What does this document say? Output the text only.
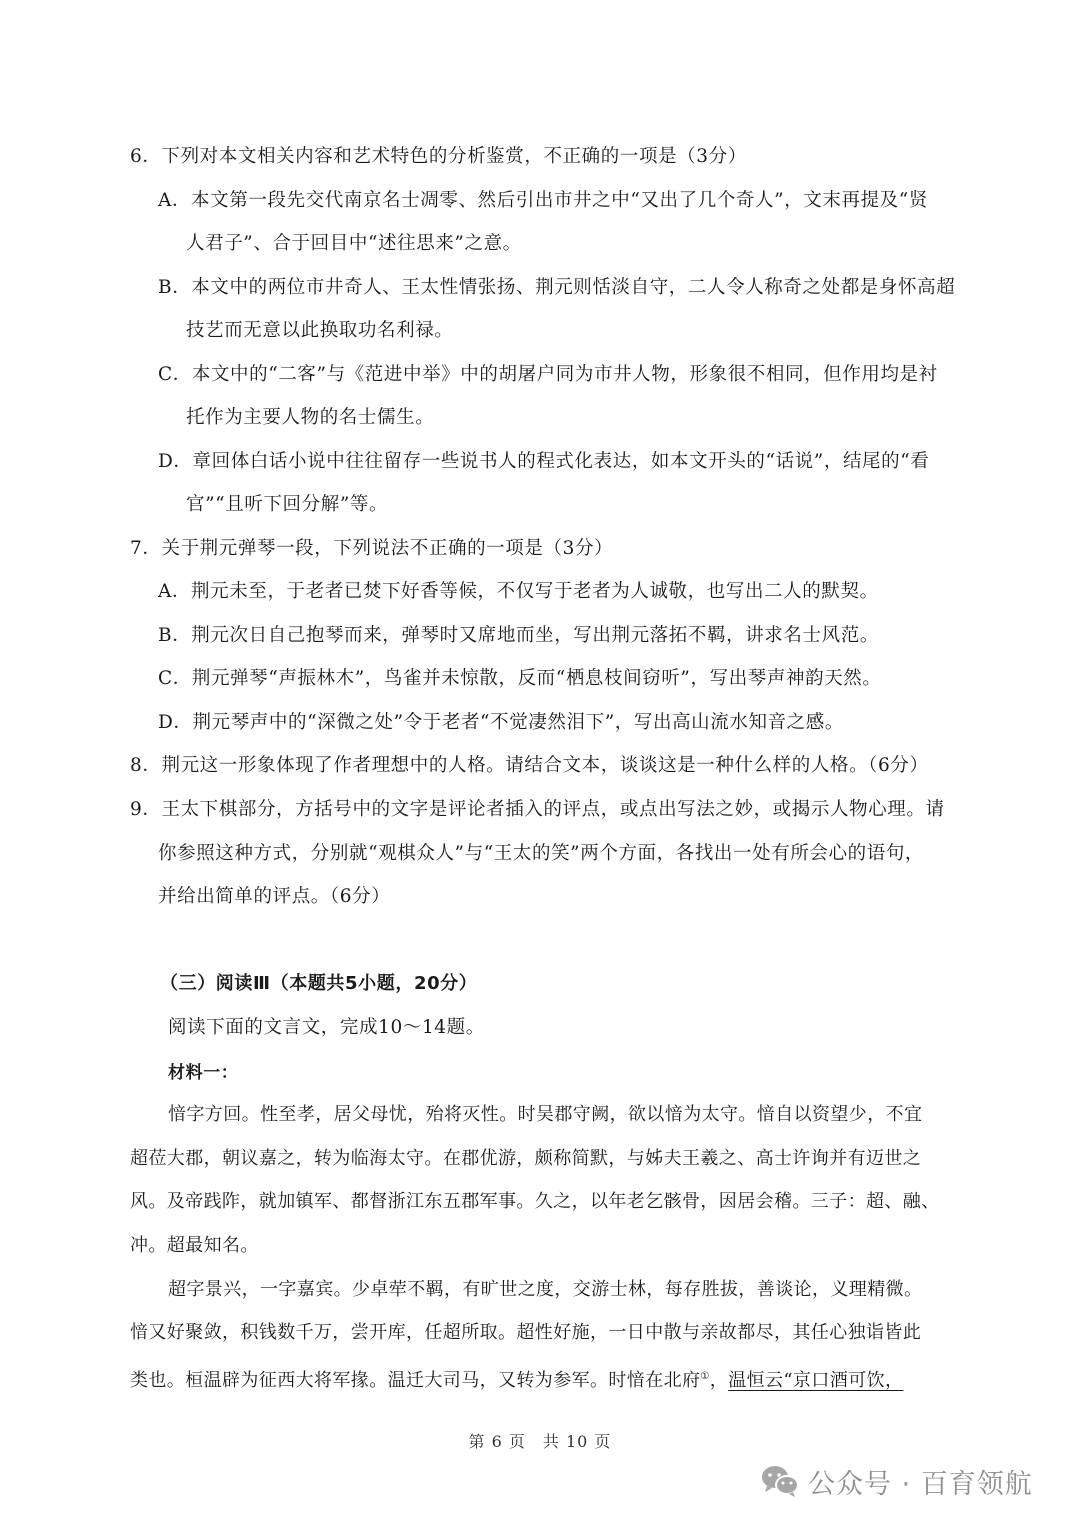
6．下列对本文相关内容和艺术特色的分析鉴赏，不正确的一项是（3分）
A．本文第一段先交代南京名士凋零、然后引出市井之中“又出了几个奇人”，文末再提及“贤
人君子”、合于回目中“述往思来”之意。
B．本文中的两位市井奇人、王太性情张扬、荆元则恬淡自守，二人令人称奇之处都是身怀高超
技艺而无意以此换取功名利禄。
C．本文中的“二客”与《范进中举》中的胡屠户同为市井人物，形象很不相同，但作用均是衬
托作为主要人物的名士儒生。
D．章回体白话小说中往往留存一些说书人的程式化表达，如本文开头的“话说”，结尾的“看
官”“且听下回分解”等。
7．关于荆元弹琴一段，下列说法不正确的一项是（3分）
A．荆元未至，于老者已焚下好香等候，不仅写于老者为人诚敬，也写出二人的默契。
B．荆元次日自己抱琴而来，弹琴时又席地而坐，写出荆元落拓不羁，讲求名士风范。
C．荆元弹琴“声振林木”，鸟雀并未惊散，反而“栖息枝间窃听”，写出琴声神韵天然。
D．荆元琴声中的“深微之处”令于老者“不觉凄然泪下”，写出高山流水知音之感。
8．荆元这一形象体现了作者理想中的人格。请结合文本，谈谈这是一种什么样的人格。（6分）
9．王太下棋部分，方括号中的文字是评论者插入的评点，或点出写法之妙，或揭示人物心理。请
你参照这种方式，分别就“观棋众人”与“王太的笑”两个方面，各找出一处有所会心的语句，
并给出简单的评点。（6分）
（三）阅读Ⅲ（本题共5小题，20分）
阅读下面的文言文，完成10～14题。
材料一：
愔字方回。性至孝，居父母忧，殆将灭性。时吴郡守阙，欲以愔为太守。愔自以资望少，不宜
超莅大郡，朝议嘉之，转为临海太守。在郡优游，颇称简默，与姊夫王羲之、高士许询并有迈世之
风。及帝践阼，就加镇军、都督浙江东五郡军事。久之，以年老乞骸骨，因居会稽。三子：超、融、
冲。超最知名。
超字景兴，一字嘉宾。少卓荦不羁，有旷世之度，交游士林，每存胜拔，善谈论，义理精微。
愔又好聚敛，积钱数千万，尝开库，任超所取。超性好施，一日中散与亲故都尽，其任心独诣皆此
类也。桓温辟为征西大将军掾。温迁大司马，又转为参军。时愔在北府①，温恒云“京口酒可饮，
第 6 页　共 10 页
公众号 · 百育领航
